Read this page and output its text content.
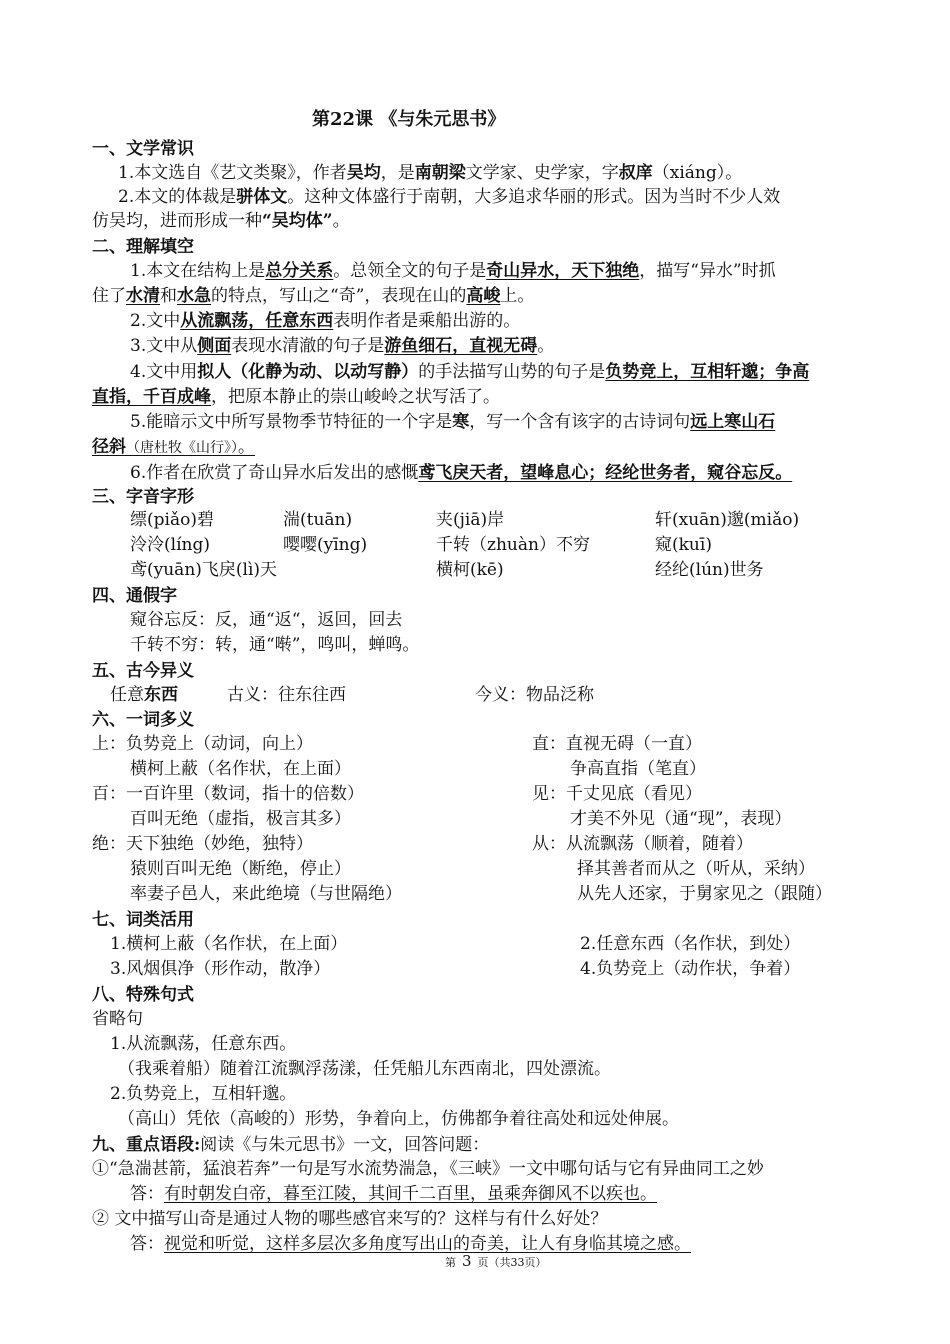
第22课 《与朱元思书》
一、文学常识
1.本文选自《艺文类聚》，作者吴均，是南朝梁文学家、史学家，字叔庠（xiáng）。
2.本文的体裁是骈体文。这种文体盛行于南朝，大多追求华丽的形式。因为当时不少人效
仿吴均，进而形成一种“吴均体”。
二、理解填空
1.本文在结构上是总分关系。总领全文的句子是奇山异水，天下独绝，描写“异水”时抓
住了水清和水急的特点，写山之“奇”，表现在山的高峻上。
2.文中从流飘荡，任意东西表明作者是乘船出游的。
3.文中从侧面表现水清澈的句子是游鱼细石，直视无碍。
4.文中用拟人（化静为动、以动写静）的手法描写山势的句子是负势竞上，互相轩邈；争高
直指，千百成峰，把原本静止的崇山峻岭之状写活了。
5.能暗示文中所写景物季节特征的一个字是寒，写一个含有该字的古诗词句远上寒山石
径斜（唐杜牧《山行》）。
6.作者在欣赏了奇山异水后发出的感慨鸢飞戾天者，望峰息心；经纶世务者，窥谷忘反。
三、字音字形
缥(piǎo)碧	湍(tuān)	夹(jiā)岸	轩(xuān)邈(miǎo)
泠泠(líng)	嘤嘤(yīng)	千转（zhuàn）不穷	窥(kuī)
鸢(yuān)飞戾(lì)天	横柯(kē)	经纶(lún)世务
四、通假字
窥谷忘反：反，通“返“，返回，回去
千转不穷：转，通“啭”，鸣叫，蝉鸣。
五、古今异义
任意东西	古义：往东往西	今义：物品泛称
六、一词多义
上：负势竞上（动词，向上）
横柯上蔽（名作状，在上面）
百：一百许里（数词，指十的倍数）
百叫无绝（虚指，极言其多）
绝：天下独绝（妙绝，独特）
猿则百叫无绝（断绝，停止）
率妻子邑人，来此绝境（与世隔绝）
直：直视无碍（一直）
争高直指（笔直）
见：千丈见底（看见）
才美不外见（通“现”，表现）
从：从流飘荡（顺着，随着）
择其善者而从之（听从，采纳）
从先人还家，于舅家见之（跟随）
七、词类活用
1.横柯上蔽（名作状，在上面）	2.任意东西（名作状，到处）
3.风烟俱净（形作动，散净）	4.负势竞上（动作状，争着）
八、特殊句式
省略句
1.从流飘荡，任意东西。
（我乘着船）随着江流飘浮荡漾，任凭船儿东西南北，四处漂流。
2.负势竞上，互相轩邈。
（高山）凭依（高峻的）形势，争着向上，仿佛都争着往高处和远处伸展。
九、重点语段:阅读《与朱元思书》一文，回答问题：
①“急湍甚箭，猛浪若奔”一句是写水流势湍急，《三峡》一文中哪句话与它有异曲同工之妙
答：有时朝发白帝，暮至江陵，其间千二百里，虽乘奔御风不以疾也。
② 文中描写山奇是通过人物的哪些感官来写的？这样与有什么好处？
答：视觉和听觉，这样多层次多角度写出山的奇美，让人有身临其境之感。
第 3 页（共33页）
